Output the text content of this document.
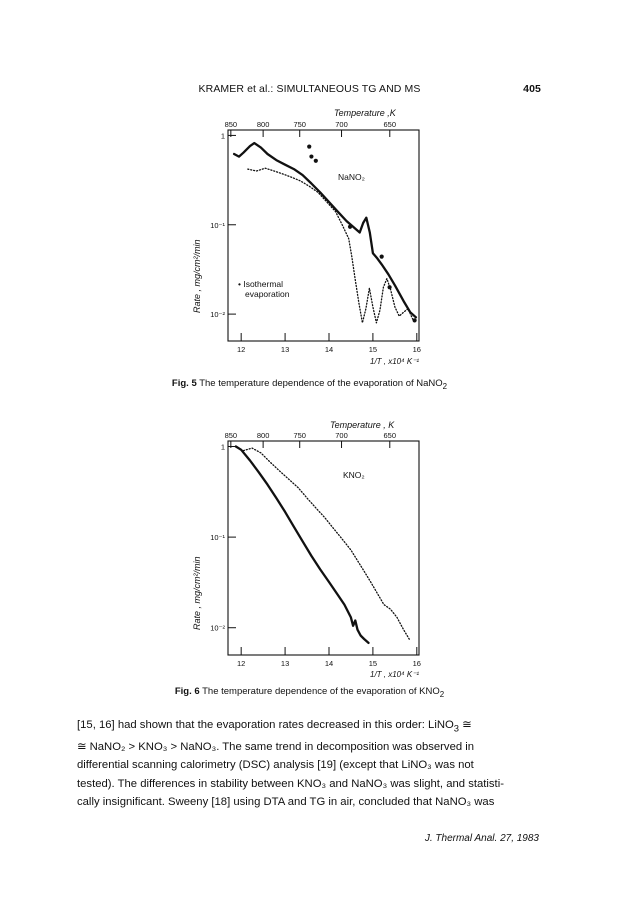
KRAMER et al.: SIMULTANEOUS TG AND MS	405
Temperature ,K
850	800	750	700	650
1
10⁻¹
10⁻²
12	13	14	15	16
Rate , mg/cm²/min
NaNO₂
• Isothermal
evaporation
1/T , x10⁴ K⁻¹
Fig. 5 The temperature dependence of the evaporation of NaNO$_2$
Temperature , K
850	800	750	700	650
1
10⁻¹
10⁻²
12	13	14	15	16
Rate , mg/cm²/min
KNO₂
1/T , x10⁴ K⁻¹
Fig. 6 The temperature dependence of the evaporation of $KNO_2$

[15, 16] had shown that the evaporation rates decreased in this order: LiNO$_3$ ≅

≅ NaNO₂ > KNO₃ > NaNO₃. The same trend in decomposition was observed in

differential scanning calorimetry (DSC) analysis [19] (except that LiNO₃ was not

tested). The differences in stability between KNO₃ and NaNO₃ was slight, and statisti-

cally insignificant. Sweeny [18] using DTA and TG in air, concluded that NaNO₃ was

J. Thermal Anal. 27, 1983
